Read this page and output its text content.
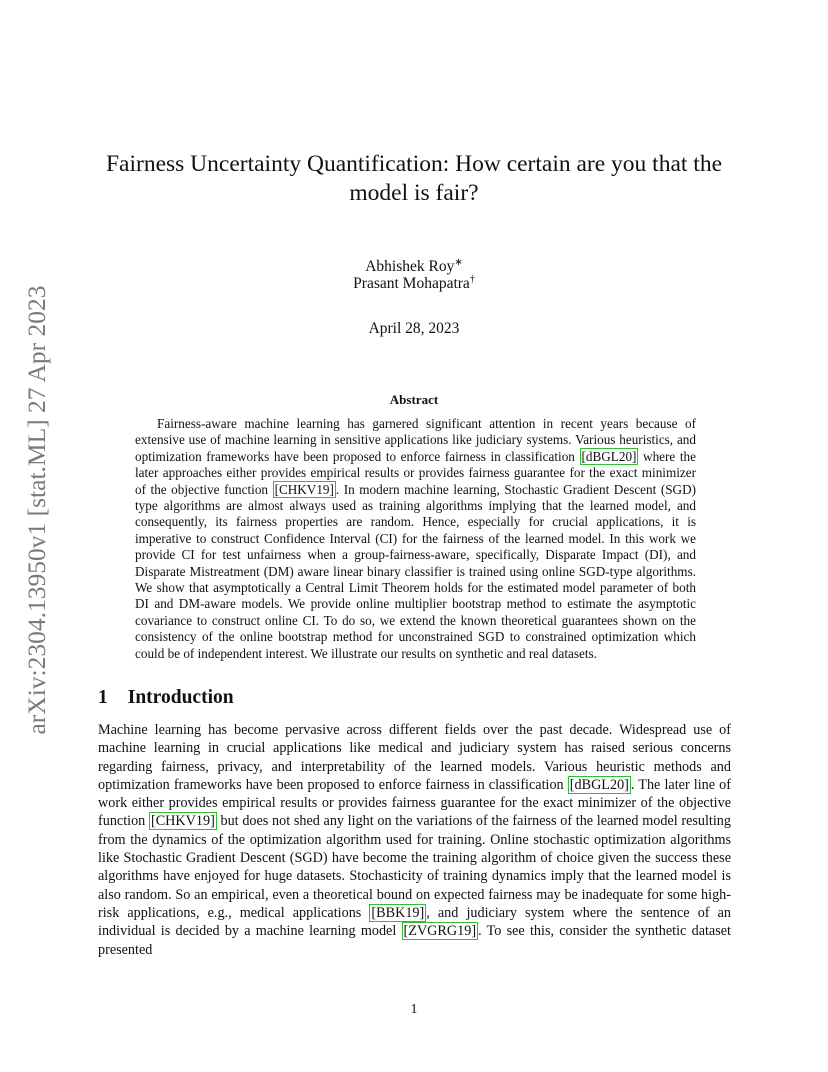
arXiv:2304.13950v1 [stat.ML] 27 Apr 2023
Fairness Uncertainty Quantification: How certain are you that the model is fair?
Abhishek Roy∗
Prasant Mohapatra†
April 28, 2023
Abstract

Fairness-aware machine learning has garnered significant attention in recent years because of extensive use of machine learning in sensitive applications like judiciary systems. Various heuristics, and optimization frameworks have been proposed to enforce fairness in classification [dBGL20] where the later approaches either provides empirical results or provides fairness guarantee for the exact minimizer of the objective function [CHKV19] . In modern machine learning, Stochastic Gradient Descent (SGD) type algorithms are almost always used as training algorithms implying that the learned model, and consequently, its fairness properties are random. Hence, especially for crucial applications, it is imperative to construct Confidence Interval (CI) for the fairness of the learned model. In this work we provide CI for test unfairness when a group-fairness-aware, specifically, Disparate Impact (DI), and Disparate Mistreatment (DM) aware linear binary classifier is trained using online SGD-type algorithms. We show that asymptotically a Central Limit Theorem holds for the estimated model parameter of both DI and DM-aware models. We provide online multiplier bootstrap method to estimate the asymptotic covariance to construct online CI. To do so, we extend the known theoretical guarantees shown on the consistency of the online bootstrap method for unconstrained SGD to constrained optimization which could be of independent interest. We illustrate our results on synthetic and real datasets.

1 Introduction

Machine learning has become pervasive across different fields over the past decade. Widespread use of machine learning in crucial applications like medical and judiciary system has raised serious concerns regarding fairness, privacy, and interpretability of the learned models. Various heuristic methods and optimization frameworks have been proposed to enforce fairness in classification [dBGL20] . The later line of work either provides empirical results or provides fairness guarantee for the exact minimizer of the objective function [CHKV19] but does not shed any light on the variations of the fairness of the learned model resulting from the dynamics of the optimization algorithm used for training. Online stochastic optimization algorithms like Stochastic Gradient Descent (SGD) have become the training algorithm of choice given the success these algorithms have enjoyed for huge datasets. Stochasticity of training dynamics imply that the learned model is also random. So an empirical, even a theoretical bound on expected fairness may be inadequate for some high-risk applications, e.g., medical applications [BBK19] , and judiciary system where the sentence of an individual is decided by a machine learning model [ZVGRG19] . To see this, consider the synthetic dataset presented

1
